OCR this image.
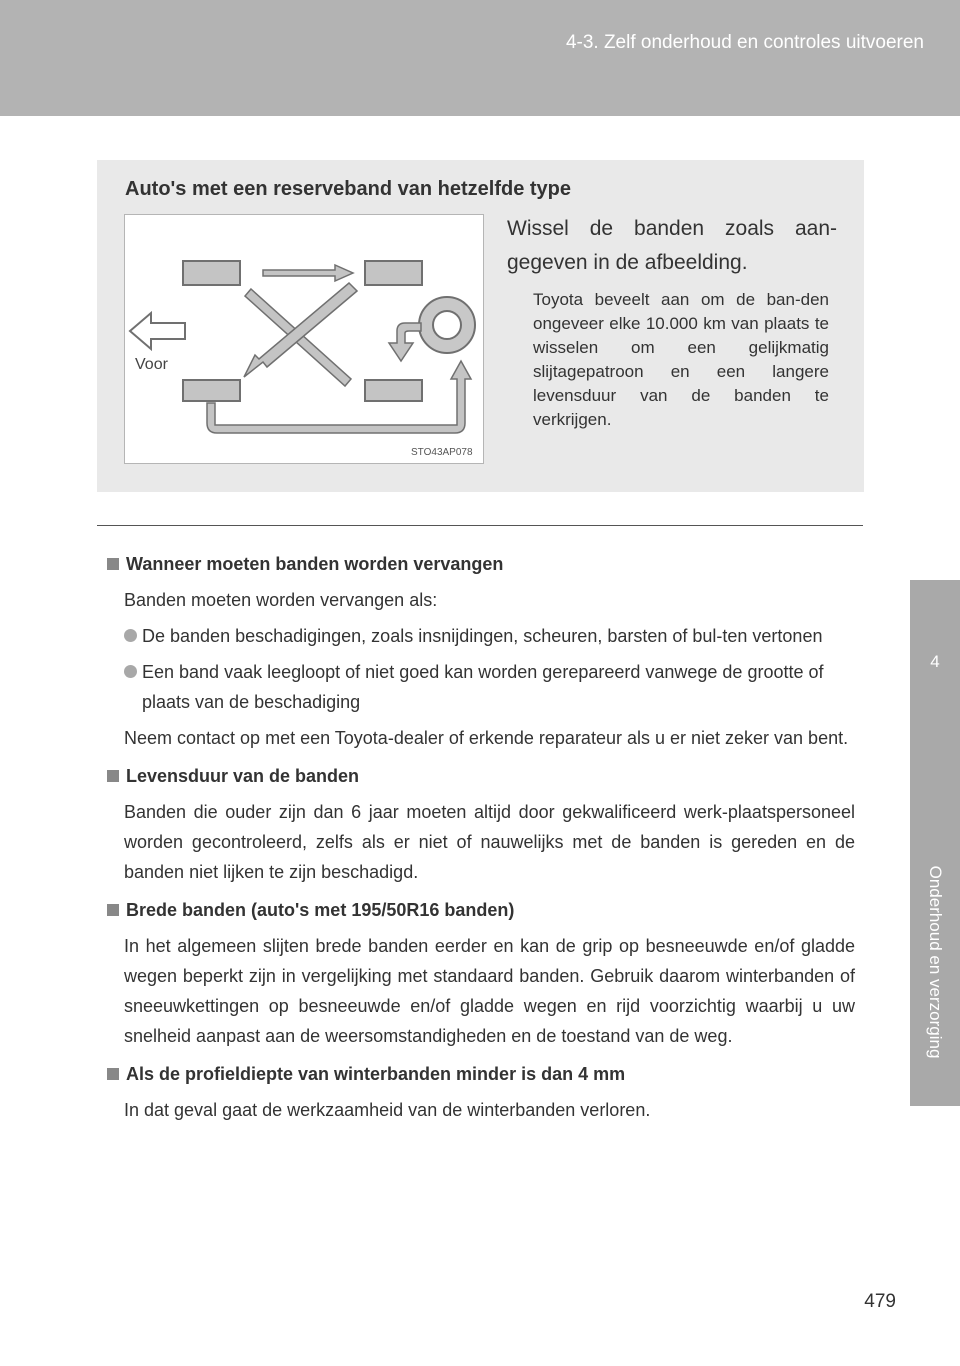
4-3. Zelf onderhoud en controles uitvoeren
4
Onderhoud en verzorging
Auto's met een reserveband van hetzelfde type
Voor
STO43AP078
Wissel de banden zoals aan-gegeven in de afbeelding.
Toyota beveelt aan om de ban-den ongeveer elke 10.000 km van plaats te wisselen om een gelijkmatig slijtagepatroon en een langere levensduur van de banden te verkrijgen.
Wanneer moeten banden worden vervangen
Banden moeten worden vervangen als:
De banden beschadigingen, zoals insnijdingen, scheuren, barsten of bul-ten vertonen
Een band vaak leegloopt of niet goed kan worden gerepareerd vanwege de grootte of plaats van de beschadiging
Neem contact op met een Toyota-dealer of erkende reparateur als u er niet zeker van bent.
Levensduur van de banden
Banden die ouder zijn dan 6 jaar moeten altijd door gekwalificeerd werk-plaatspersoneel worden gecontroleerd, zelfs als er niet of nauwelijks met de banden is gereden en de banden niet lijken te zijn beschadigd.
Brede banden (auto's met 195/50R16 banden)
In het algemeen slijten brede banden eerder en kan de grip op besneeuwde en/of gladde wegen beperkt zijn in vergelijking met standaard banden. Gebruik daarom winterbanden of sneeuwkettingen op besneeuwde en/of gladde wegen en rijd voorzichtig waarbij u uw snelheid aanpast aan de weersomstandigheden en de toestand van de weg.
Als de profieldiepte van winterbanden minder is dan 4 mm
In dat geval gaat de werkzaamheid van de winterbanden verloren.
479
carmanualsonline.info
